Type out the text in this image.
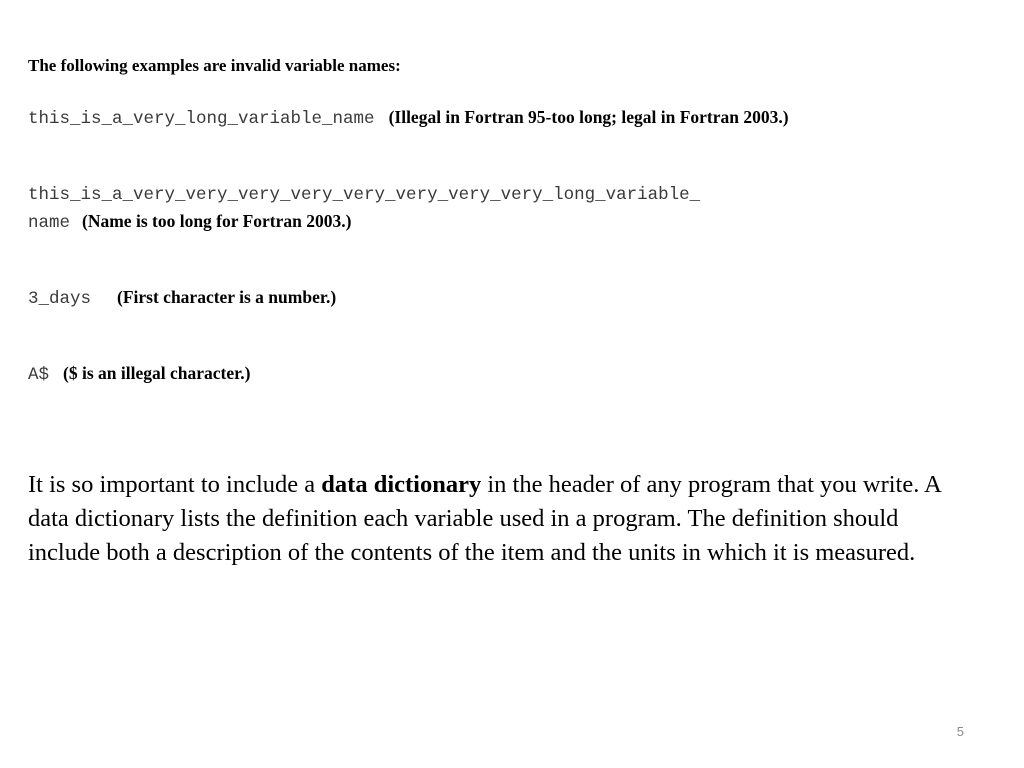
The following examples are invalid variable names:
this_is_a_very_long_variable_name (Illegal in Fortran 95-too long; legal in Fortran 2003.)
this_is_a_very_very_very_very_very_very_very_very_long_variable_
name (Name is too long for Fortran 2003.)
3_days (First character is a number.)
A$ ($ is an illegal character.)
It is so important to include a data dictionary in the header of any program that you write. A data dictionary lists the definition each variable used in a program. The definition should include both a description of the contents of the item and the units in which it is measured.
5
